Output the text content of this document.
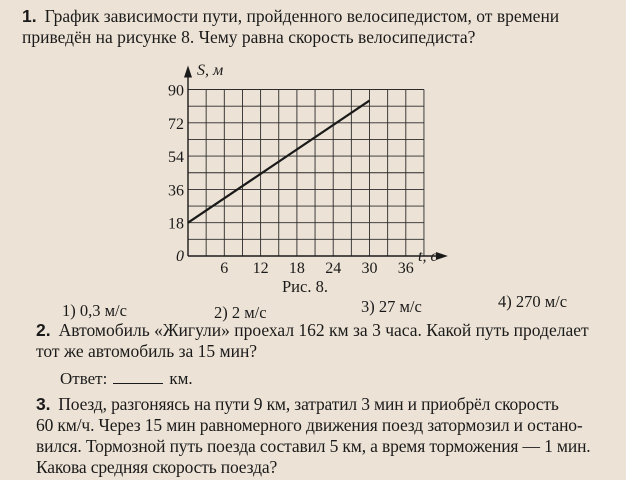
1. График зависимости пути, пройденного велосипедистом, от времени
приведён на рисунке 8. Чему равна скорость велосипедиста?
6 12 18 24 30 36
18
36
54
72
90
S, м
t, с
0
Рис. 8.
1) 0,3 м/с	2) 2 м/с	3) 27 м/с	4) 270 м/с
2. Автомобиль «Жигули» проехал 162 км за 3 часа. Какой путь проделает
тот же автомобиль за 15 мин?
Ответ:	км.
3. Поезд, разгоняясь на пути 9 км, затратил 3 мин и приобрёл скорость
60 км/ч. Через 15 мин равномерного движения поезд затормозил и остано-
вился. Тормозной путь поезда составил 5 км, а время торможения — 1 мин.
Какова средняя скорость поезда?
